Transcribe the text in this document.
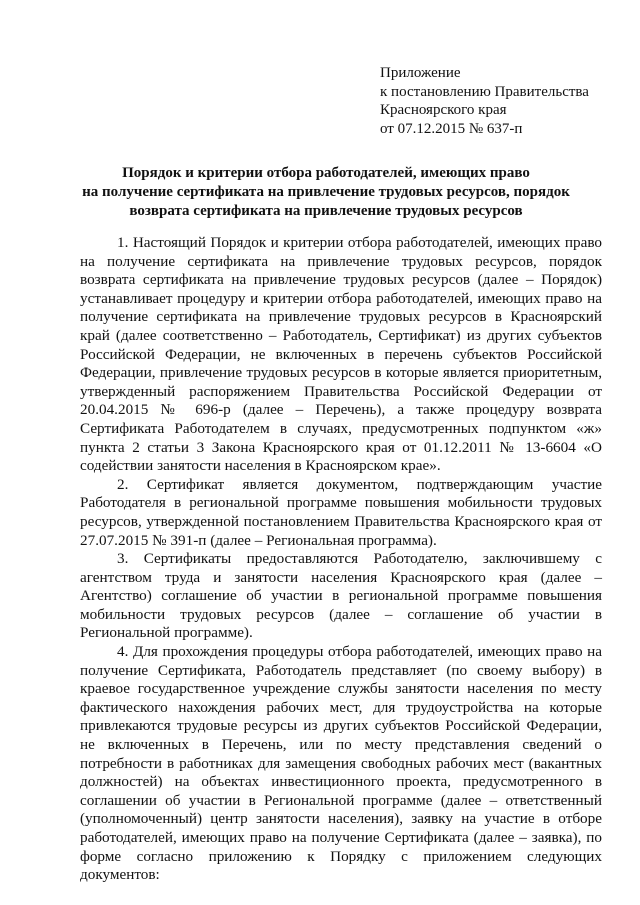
Приложение
к постановлению Правительства
Красноярского края
от 07.12.2015 № 637-п
Порядок и критерии отбора работодателей, имеющих право
на получение сертификата на привлечение трудовых ресурсов, порядок
возврата сертификата на привлечение трудовых ресурсов

1. Настоящий Порядок и критерии отбора работодателей, имеющих право на получение сертификата на привлечение трудовых ресурсов, порядок возврата сертификата на привлечение трудовых ресурсов (далее – Порядок) устанавливает процедуру и критерии отбора работодателей, имеющих право на получение сертификата на привлечение трудовых ресурсов в Красноярский край (далее соответственно – Работодатель, Сертификат) из других субъектов Российской Федерации, не включенных в перечень субъектов Российской Федерации, привлечение трудовых ресурсов в которые является приоритетным, утвержденный распоряжением Правительства Российской Федерации от 20.04.2015 № 696-р (далее – Перечень), а также процедуру возврата Сертификата Работодателем в случаях, предусмотренных подпунктом «ж» пункта 2 статьи 3 Закона Красноярского края от 01.12.2011 № 13-6604 «О содействии занятости населения в Красноярском крае».

2. Сертификат является документом, подтверждающим участие Работодателя в региональной программе повышения мобильности трудовых ресурсов, утвержденной постановлением Правительства Красноярского края от 27.07.2015 № 391-п (далее – Региональная программа).

3. Сертификаты предоставляются Работодателю, заключившему с агентством труда и занятости населения Красноярского края (далее – Агентство) соглашение об участии в региональной программе повышения мобильности трудовых ресурсов (далее – соглашение об участии в Региональной программе).

4. Для прохождения процедуры отбора работодателей, имеющих право на получение Сертификата, Работодатель представляет (по своему выбору) в краевое государственное учреждение службы занятости населения по месту фактического нахождения рабочих мест, для трудоустройства на которые привлекаются трудовые ресурсы из других субъектов Российской Федерации, не включенных в Перечень, или по месту представления сведений о потребности в работниках для замещения свободных рабочих мест (вакантных должностей) на объектах инвестиционного проекта, предусмотренного в соглашении об участии в Региональной программе (далее – ответственный (уполномоченный) центр занятости населения), заявку на участие в отборе работодателей, имеющих право на получение Сертификата (далее – заявка), по форме согласно приложению к Порядку с приложением следующих документов:
